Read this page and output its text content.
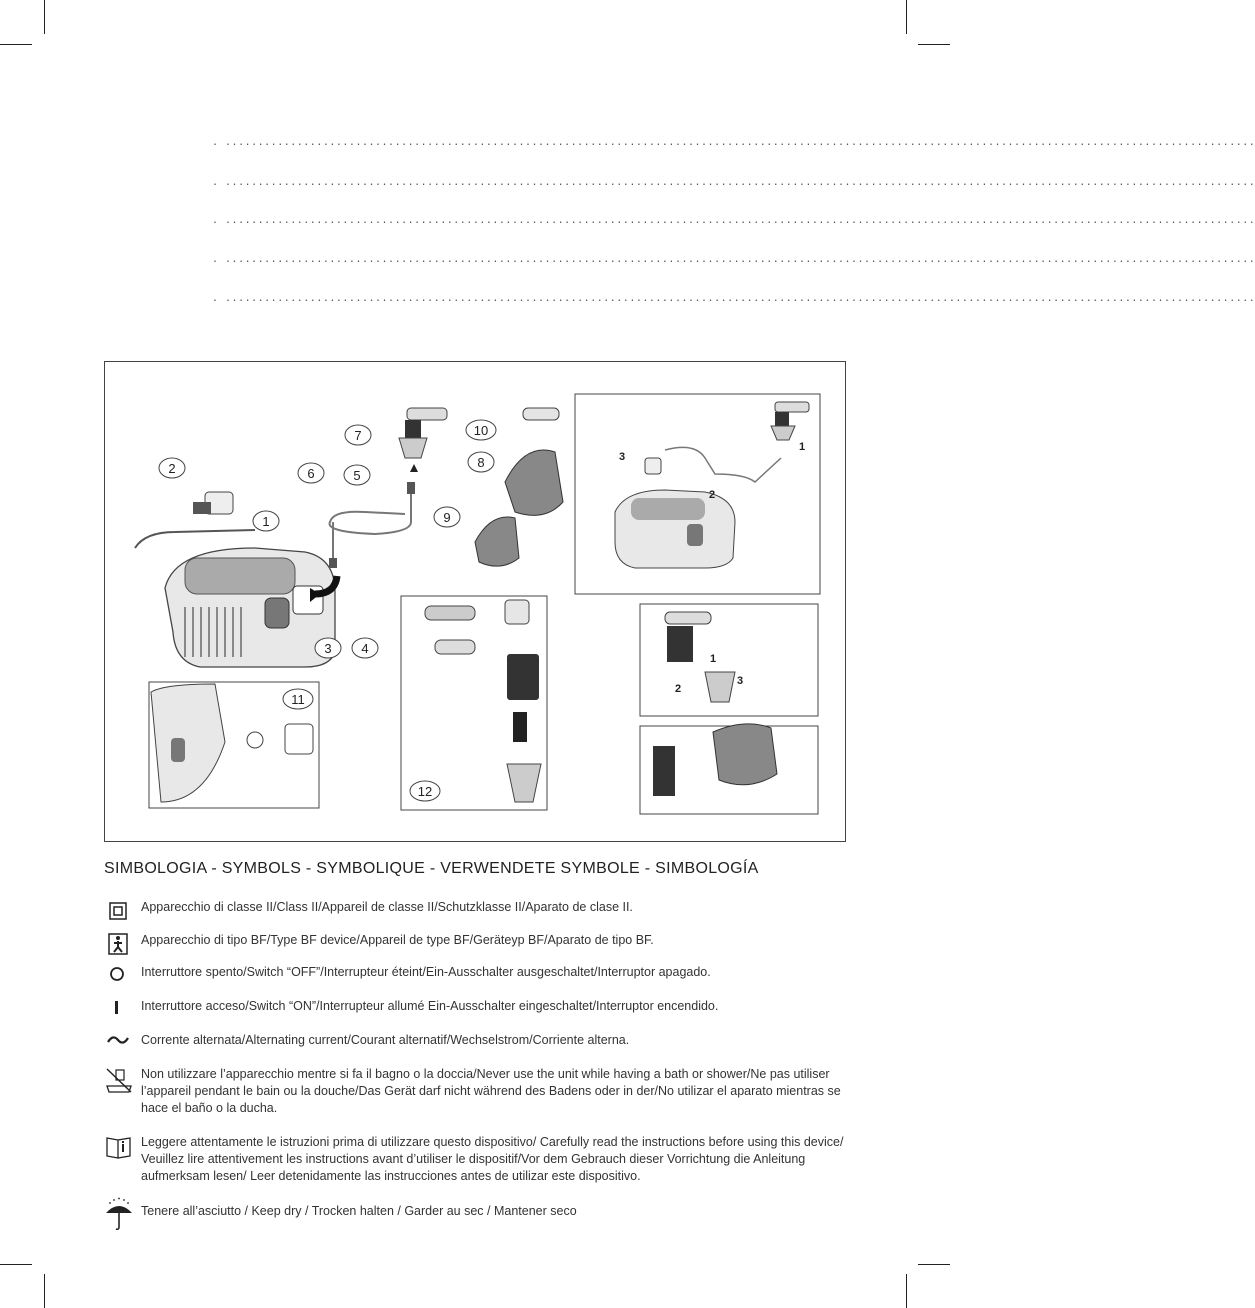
. ..............................................................................................................................................................
. ..............................................................................................................................................................
. ..............................................................................................................................................................
. ..............................................................................................................................................................
. ..............................................................................................................................................................
1
2
3 4
5
6
7
8
9
10
11
12
1
2
3
1
2
3
SIMBOLOGIA - SYMBOLS - SYMBOLIQUE - VERWENDETE SYMBOLE - SIMBOLOGÍA
Apparecchio di classe II/Class II/Appareil de classe II/Schutzklasse II/Aparato de clase II.
Apparecchio di tipo BF/Type BF device/Appareil de type BF/Geräteyp BF/Aparato de tipo BF.
Interruttore spento/Switch “OFF”/Interrupteur éteint/Ein-Ausschalter ausgeschaltet/Interruptor apagado.
Interruttore acceso/Switch “ON”/Interrupteur allumé Ein-Ausschalter eingeschaltet/Interruptor encendido.
Corrente alternata/Alternating current/Courant alternatif/Wechselstrom/Corriente alterna.
Non utilizzare l’apparecchio mentre si fa il bagno o la doccia/Never use the unit while having a bath or shower/Ne pas utiliser l’appareil pendant le bain ou la douche/Das Gerät darf nicht während des Badens oder in der/No utilizar el aparato mientras se hace el baño o la ducha.
Leggere attentamente le istruzioni prima di utilizzare questo dispositivo/ Carefully read the instructions before using this device/ Veuillez lire attentivement les instructions avant d’utiliser le dispositif/Vor dem Gebrauch dieser Vorrichtung die Anleitung aufmerksam lesen/ Leer detenidamente las instrucciones antes de utilizar este dispositivo.
Tenere all’asciutto / Keep dry / Trocken halten / Garder au sec / Mantener seco
